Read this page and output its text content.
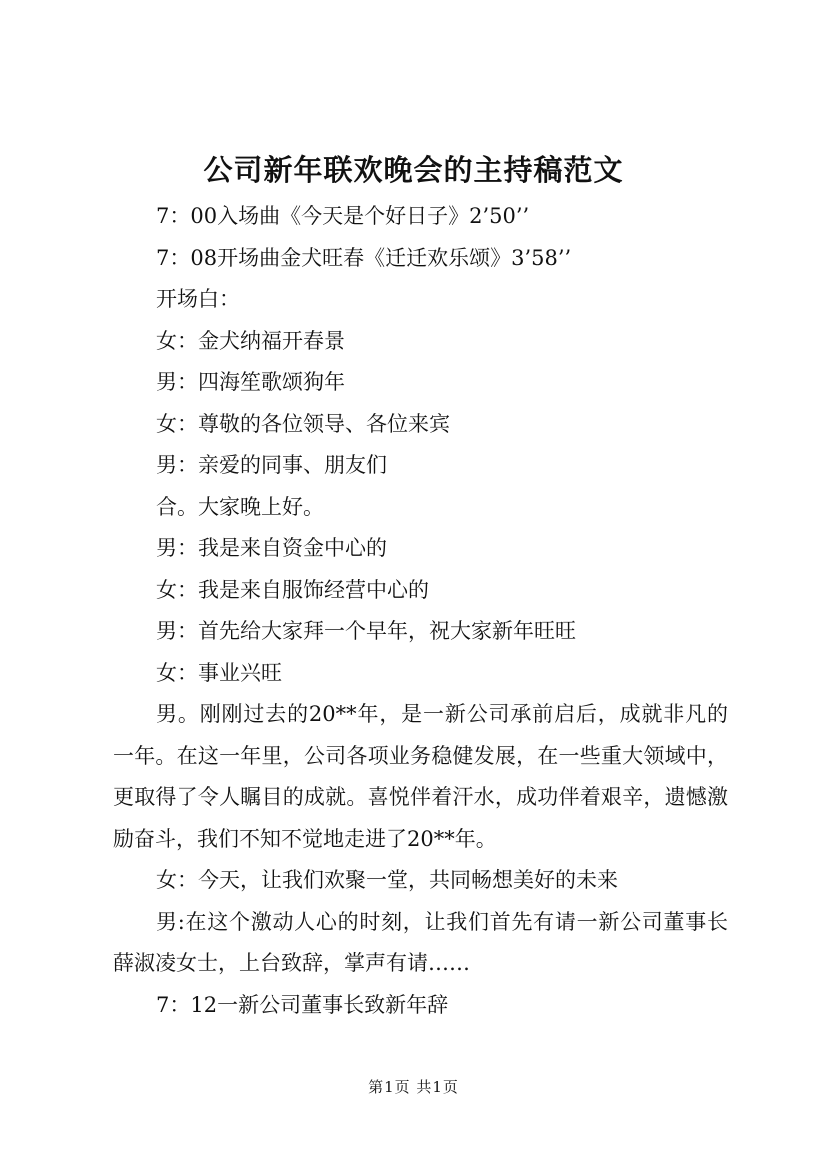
公司新年联欢晚会的主持稿范文
7：00入场曲《今天是个好日子》2’50’’
7：08开场曲金犬旺春《迁迁欢乐颂》3’58’’
开场白：
女：金犬纳福开春景
男：四海笙歌颂狗年
女：尊敬的各位领导、各位来宾
男：亲爱的同事、朋友们
合。大家晚上好。
男：我是来自资金中心的
女：我是来自服饰经营中心的
男：首先给大家拜一个早年，祝大家新年旺旺
女：事业兴旺
男。刚刚过去的20**年，是一新公司承前启后，成就非凡的一年。在这一年里，公司各项业务稳健发展，在一些重大领域中，更取得了令人瞩目的成就。喜悦伴着汗水，成功伴着艰辛，遗憾激励奋斗，我们不知不觉地走进了20**年。
女：今天，让我们欢聚一堂，共同畅想美好的未来
男:在这个激动人心的时刻，让我们首先有请一新公司董事长薛淑凌女士，上台致辞，掌声有请……
7：12一新公司董事长致新年辞
第1页 共1页
